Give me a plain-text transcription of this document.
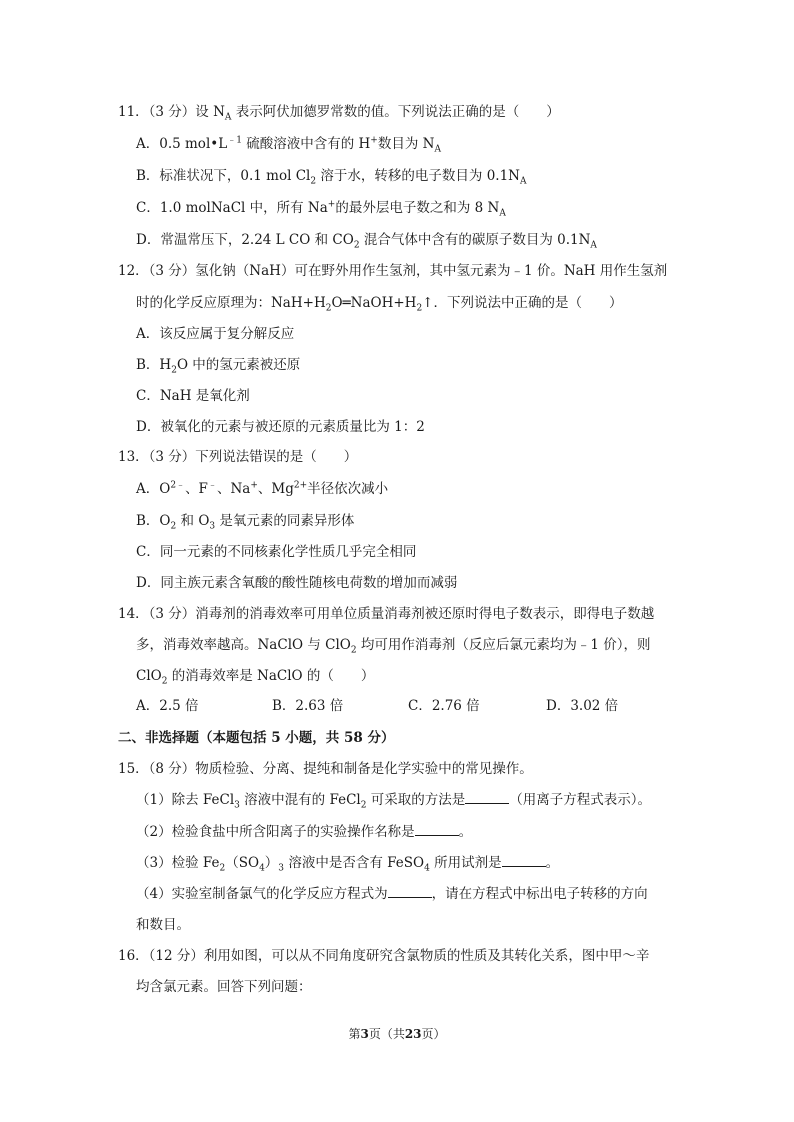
11．（3 分）设 $N_A$ 表示阿伏加德罗常数的值。下列说法正确的是（　　）
A．0.5 $mol•L^{﹣1}$ 硫酸溶液中含有的 H+数目为 $N_A$
B．标准状况下，0.1 mol $Cl_2$ 溶于水，转移的电子数目为 $0.1N_A$
C．1.0 molNaCl 中，所有 Na+的最外层电子数之和为 8 $N_A$
D．常温常压下，2.24 L CO 和 $CO_2$ 混合气体中含有的碳原子数目为 $0.1N_A$
12．（3 分）氢化钠（NaH）可在野外用作生氢剂，其中氢元素为﹣1 价。NaH 用作生氢剂
时的化学反应原理为：$NaH+H_2O═NaOH+H_2↑$．下列说法中正确的是（　　）
A．该反应属于复分解反应
B．$H_2O$ 中的氢元素被还原
C．NaH 是氧化剂
D．被氧化的元素与被还原的元素质量比为 1：2
13．（3 分）下列说法错误的是（　　）
A．$O^{2﹣}$、F﹣、Na+、$Mg^{2+}$半径依次减小
B．$O_2$ 和 $O_3$ 是氧元素的同素异形体
C．同一元素的不同核素化学性质几乎完全相同
D．同主族元素含氧酸的酸性随核电荷数的增加而减弱
14．（3 分）消毒剂的消毒效率可用单位质量消毒剂被还原时得电子数表示，即得电子数越
多，消毒效率越高。NaClO 与 ClO$_2$ 均可用作消毒剂（反应后氯元素均为﹣1 价），则
ClO$_2$ 的消毒效率是 NaClO 的（　　）
A．2.5 倍	B．2.63 倍	C．2.76 倍	D．3.02 倍
二、非选择题（本题包括 5 小题，共 58 分）
15．（8 分）物质检验、分离、提纯和制备是化学实验中的常见操作。
（1）除去 FeCl$_3$ 溶液中混有的 FeCl$_2$ 可采取的方法是	（用离子方程式表示）。
（2）检验食盐中所含阳离子的实验操作名称是	。
（3）检验 $Fe_2(SO_4)_3$ 溶液中是否含有 FeSO$_4$ 所用试剂是	。
（4）实验室制备氯气的化学反应方程式为	，请在方程式中标出电子转移的方向
和数目。
16．（12 分）利用如图，可以从不同角度研究含氯物质的性质及其转化关系，图中甲～辛
均含氯元素。回答下列问题：
第3页（共23页）
